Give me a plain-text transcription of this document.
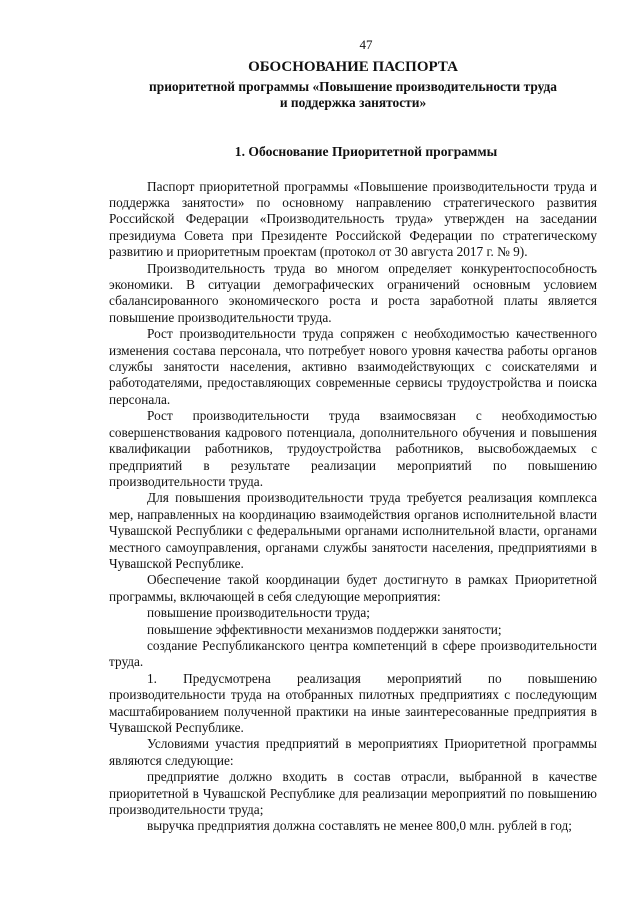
47
ОБОСНОВАНИЕ ПАСПОРТА
приоритетной программы «Повышение производительности труда
и поддержка занятости»
1. Обоснование Приоритетной программы

Паспорт приоритетной программы «Повышение производительности труда и поддержка занятости» по основному направлению стратегического развития Российской Федерации «Производительность труда» утвержден на заседании президиума Совета при Президенте Российской Федерации по стратегическому развитию и приоритетным проектам (протокол от 30 августа 2017 г. № 9).

Производительность труда во многом определяет конкурентоспособность экономики. В ситуации демографических ограничений основным условием сбалансированного экономического роста и роста заработной платы является повышение производительности труда.

Рост производительности труда сопряжен с необходимостью качественного изменения состава персонала, что потребует нового уровня качества работы органов службы занятости населения, активно взаимодействующих с соискателями и работодателями, предоставляющих современные сервисы трудоустройства и поиска персонала.

Рост производительности труда взаимосвязан с необходимостью совершенствования кадрового потенциала, дополнительного обучения и повышения квалификации работников, трудоустройства работников, высвобождаемых с предприятий в результате реализации мероприятий по повышению производительности труда.

Для повышения производительности труда требуется реализация комплекса мер, направленных на координацию взаимодействия органов исполнительной власти Чувашской Республики с федеральными органами исполнительной власти, органами местного самоуправления, органами службы занятости населения, предприятиями в Чувашской Республике.

Обеспечение такой координации будет достигнуто в рамках Приоритетной программы, включающей в себя следующие мероприятия:

повышение производительности труда;

повышение эффективности механизмов поддержки занятости;

создание Республиканского центра компетенций в сфере производительности труда.

1. Предусмотрена реализация мероприятий по повышению производительности труда на отобранных пилотных предприятиях с последующим масштабированием полученной практики на иные заинтересованные предприятия в Чувашской Республике.

Условиями участия предприятий в мероприятиях Приоритетной программы являются следующие:

предприятие должно входить в состав отрасли, выбранной в качестве приоритетной в Чувашской Республике для реализации мероприятий по повышению производительности труда;

выручка предприятия должна составлять не менее 800,0 млн. рублей в год;
